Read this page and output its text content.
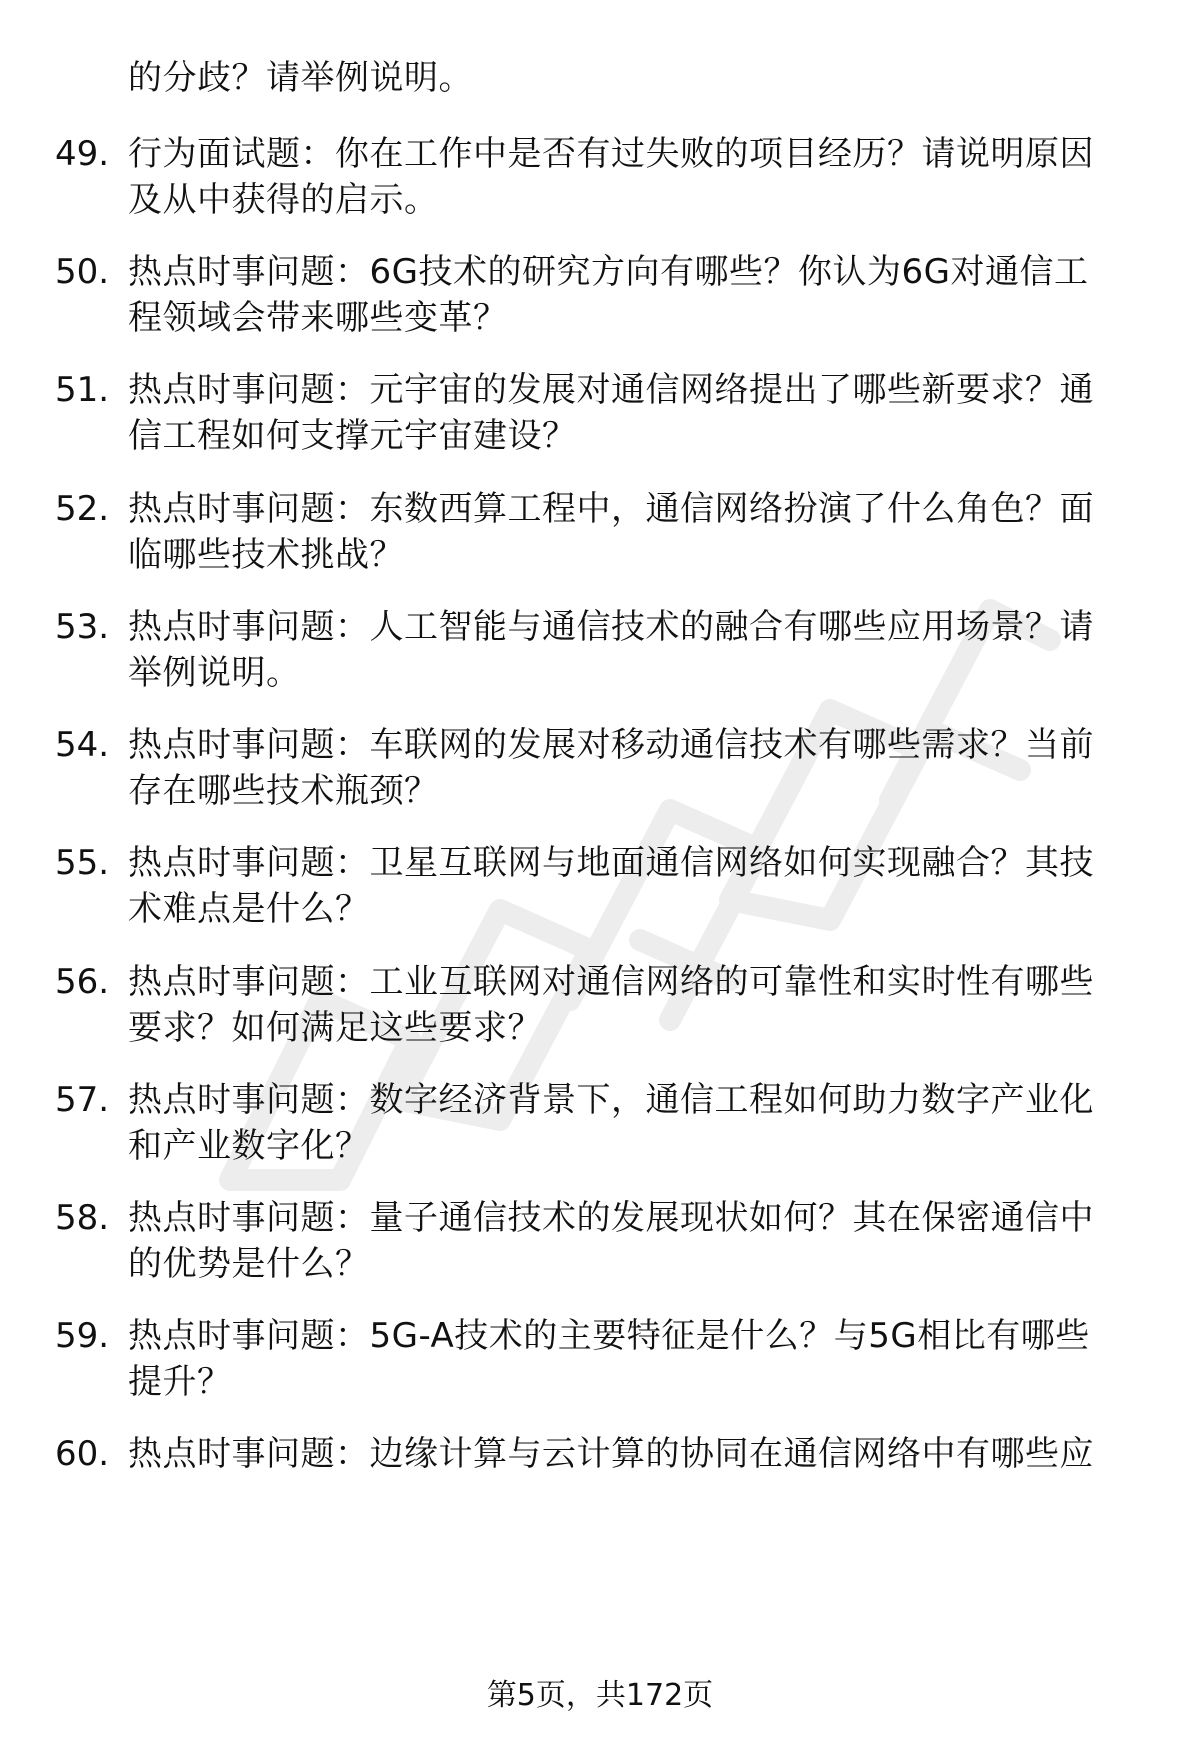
的分歧？请举例说明。
49. 行为面试题：你在工作中是否有过失败的项目经历？请说明原因
及从中获得的启示。
50. 热点时事问题：6G技术的研究方向有哪些？你认为6G对通信工
程领域会带来哪些变革？
51. 热点时事问题：元宇宙的发展对通信网络提出了哪些新要求？通
信工程如何支撑元宇宙建设？
52. 热点时事问题：东数西算工程中，通信网络扮演了什么角色？面
临哪些技术挑战？
53. 热点时事问题：人工智能与通信技术的融合有哪些应用场景？请
举例说明。
54. 热点时事问题：车联网的发展对移动通信技术有哪些需求？当前
存在哪些技术瓶颈？
55. 热点时事问题：卫星互联网与地面通信网络如何实现融合？其技
术难点是什么？
56. 热点时事问题：工业互联网对通信网络的可靠性和实时性有哪些
要求？如何满足这些要求？
57. 热点时事问题：数字经济背景下，通信工程如何助力数字产业化
和产业数字化？
58. 热点时事问题：量子通信技术的发展现状如何？其在保密通信中
的优势是什么？
59. 热点时事问题：5G-A技术的主要特征是什么？与5G相比有哪些
提升？
60. 热点时事问题：边缘计算与云计算的协同在通信网络中有哪些应
第5页，共172页
